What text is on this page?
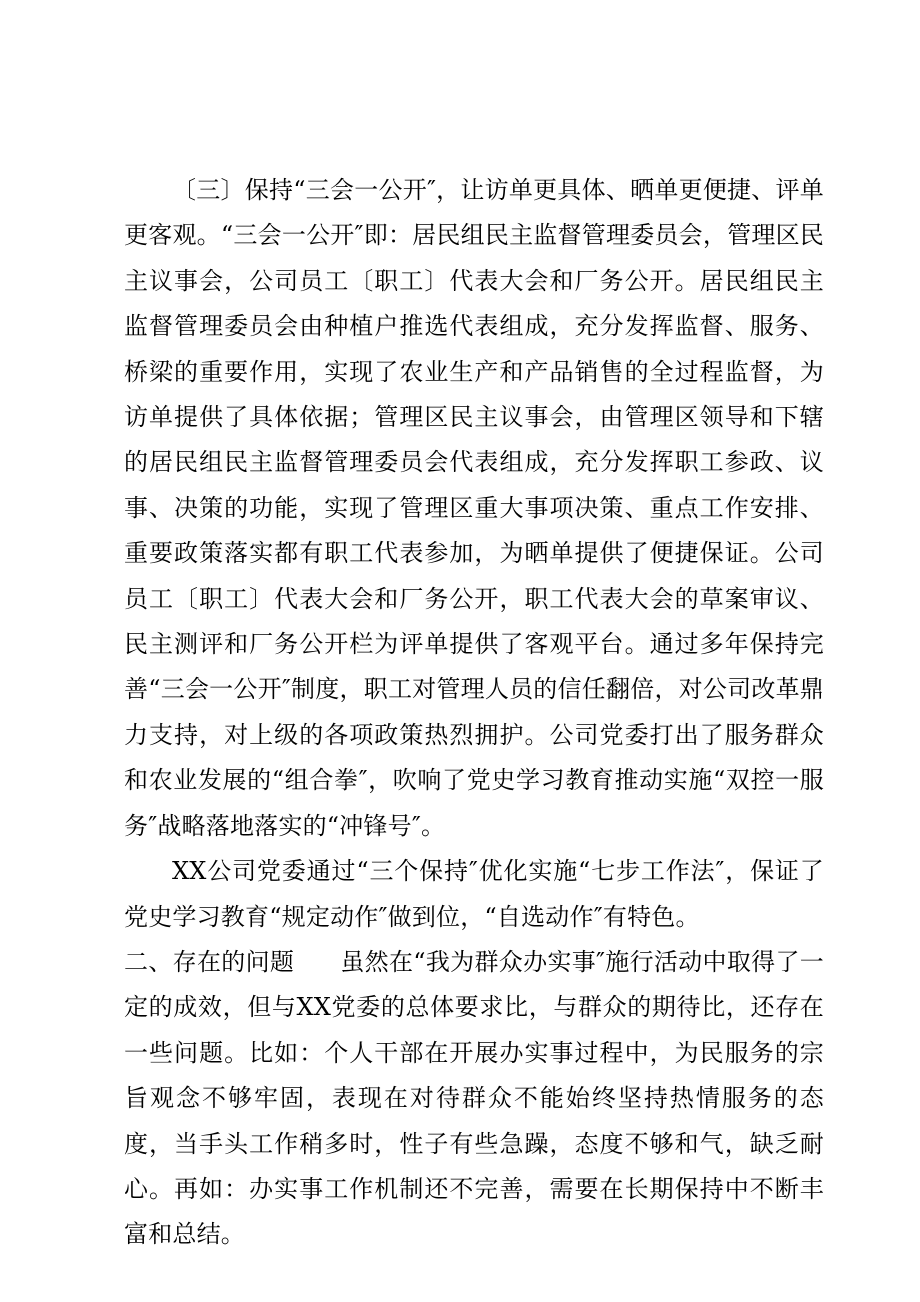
〔三〕保持“三会一公开″，让访单更具体、晒单更便捷、评单更客观。“三会一公开″即：居民组民主监督管理委员会，管理区民主议事会，公司员工〔职工〕代表大会和厂务公开。居民组民主监督管理委员会由种植户推选代表组成，充分发挥监督、服务、桥梁的重要作用，实现了农业生产和产品销售的全过程监督，为访单提供了具体依据；管理区民主议事会，由管理区领导和下辖的居民组民主监督管理委员会代表组成，充分发挥职工参政、议事、决策的功能，实现了管理区重大事项决策、重点工作安排、重要政策落实都有职工代表参加，为晒单提供了便捷保证。公司员工〔职工〕代表大会和厂务公开，职工代表大会的草案审议、民主测评和厂务公开栏为评单提供了客观平台。通过多年保持完善“三会一公开″制度，职工对管理人员的信任翻倍，对公司改革鼎力支持，对上级的各项政策热烈拥护。公司党委打出了服务群众和农业发展的“组合拳″，吹响了党史学习教育推动实施“双控一服务″战略落地落实的“冲锋号″。

XX公司党委通过“三个保持″优化实施“七步工作法″，保证了党史学习教育“规定动作″做到位，“自选动作″有特色。

二、存在的问题 虽然在“我为群众办实事″施行活动中取得了一定的成效，但与XX党委的总体要求比，与群众的期待比，还存在一些问题。比如：个人干部在开展办实事过程中，为民服务的宗旨观念不够牢固，表现在对待群众不能始终坚持热情服务的态度，当手头工作稍多时，性子有些急躁，态度不够和气，缺乏耐心。再如：办实事工作机制还不完善，需要在长期保持中不断丰富和总结。
